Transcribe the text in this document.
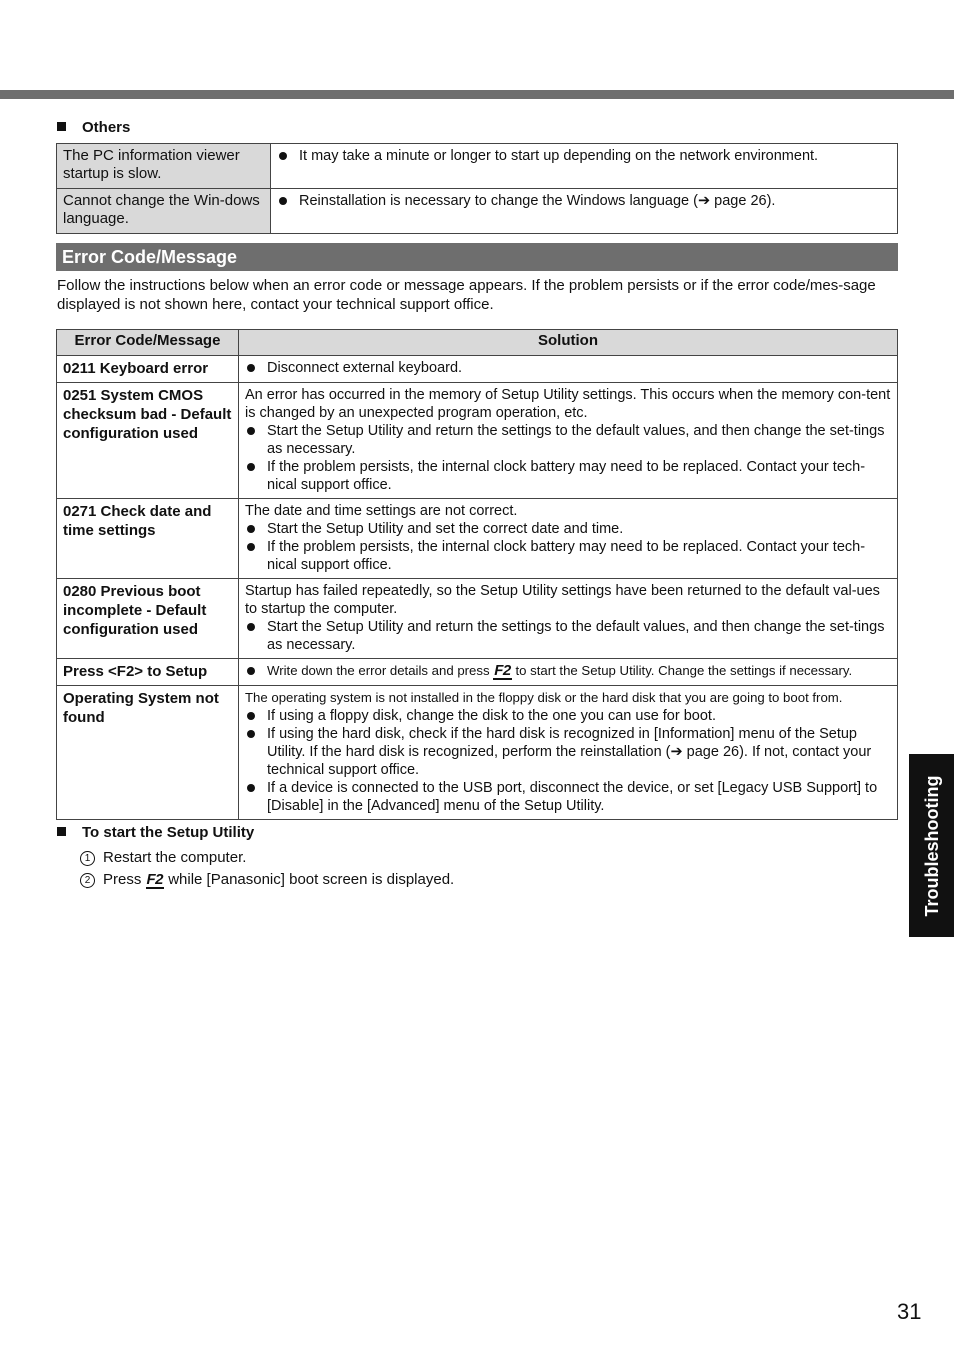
Others
The PC information viewer startup is slow.	It may take a minute or longer to start up depending on the network environment.

Cannot change the Win-dows language.	Reinstallation is necessary to change the Windows language (➔ page 26).
Error Code/Message
Follow the instructions below when an error code or message appears. If the problem persists or if the error code/mes-sage displayed is not shown here, contact your technical support office.
Error Code/Message	Solution
0211 Keyboard error	Disconnect external keyboard.

0251 System CMOS checksum bad - Default configuration used	An error has occurred in the memory of Setup Utility settings. This occurs when the memory con-tent is changed by an unexpected program operation, etc.
Start the Setup Utility and return the settings to the default values, and then change the set-tings as necessary.
If the problem persists, the internal clock battery may need to be replaced. Contact your tech-nical support office.

0271 Check date and time settings	The date and time settings are not correct.
Start the Setup Utility and set the correct date and time.
If the problem persists, the internal clock battery may need to be replaced. Contact your tech-nical support office.

0280 Previous boot incomplete - Default configuration used	Startup has failed repeatedly, so the Setup Utility settings have been returned to the default val-ues to startup the computer.
Start the Setup Utility and return the settings to the default values, and then change the set-tings as necessary.

Press <F2> to Setup	Write down the error details and press F2 to start the Setup Utility. Change the settings if necessary.

Operating System not found	The operating system is not installed in the floppy disk or the hard disk that you are going to boot from.
If using a floppy disk, change the disk to the one you can use for boot.
If using the hard disk, check if the hard disk is recognized in [Information] menu of the Setup Utility. If the hard disk is recognized, perform the reinstallation (➔ page 26). If not, contact your technical support office.
If a device is connected to the USB port, disconnect the device, or set [Legacy USB Support] to [Disable] in the [Advanced] menu of the Setup Utility.
To start the Setup Utility
1 Restart the computer.
2 Press F2 while [Panasonic] boot screen is displayed.	Troubleshooting
31
